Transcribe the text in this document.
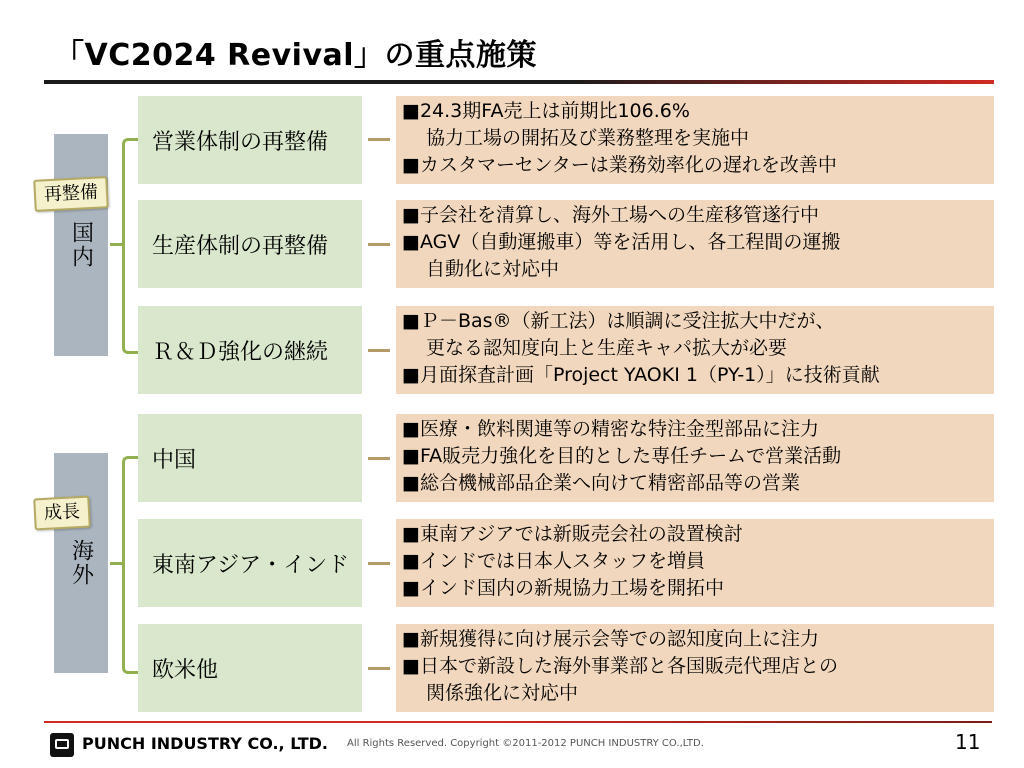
「VC2024 Revival」の重点施策
国内
再整備
営業体制の再整備
■24.3期FA売上は前期比106.6%
協力工場の開拓及び業務整理を実施中
■カスタマーセンターは業務効率化の遅れを改善中
生産体制の再整備
■子会社を清算し、海外工場への生産移管遂行中
■AGV（自動運搬車）等を活用し、各工程間の運搬
自動化に対応中
Ｒ＆Ｄ強化の継続
■Ｐ－Bas®（新工法）は順調に受注拡大中だが、
更なる認知度向上と生産キャパ拡大が必要
■月面探査計画「Project YAOKI 1（PY-1）」に技術貢献
海外
成長
中国
■医療・飲料関連等の精密な特注金型部品に注力
■FA販売力強化を目的とした専任チームで営業活動
■総合機械部品企業へ向けて精密部品等の営業
東南アジア・インド
■東南アジアでは新販売会社の設置検討
■インドでは日本人スタッフを増員
■インド国内の新規協力工場を開拓中
欧米他
■新規獲得に向け展示会等での認知度向上に注力
■日本で新設した海外事業部と各国販売代理店との
関係強化に対応中
PUNCH INDUSTRY CO., LTD. All Rights Reserved. Copyright ©2011-2012 PUNCH INDUSTRY CO.,LTD.	11
